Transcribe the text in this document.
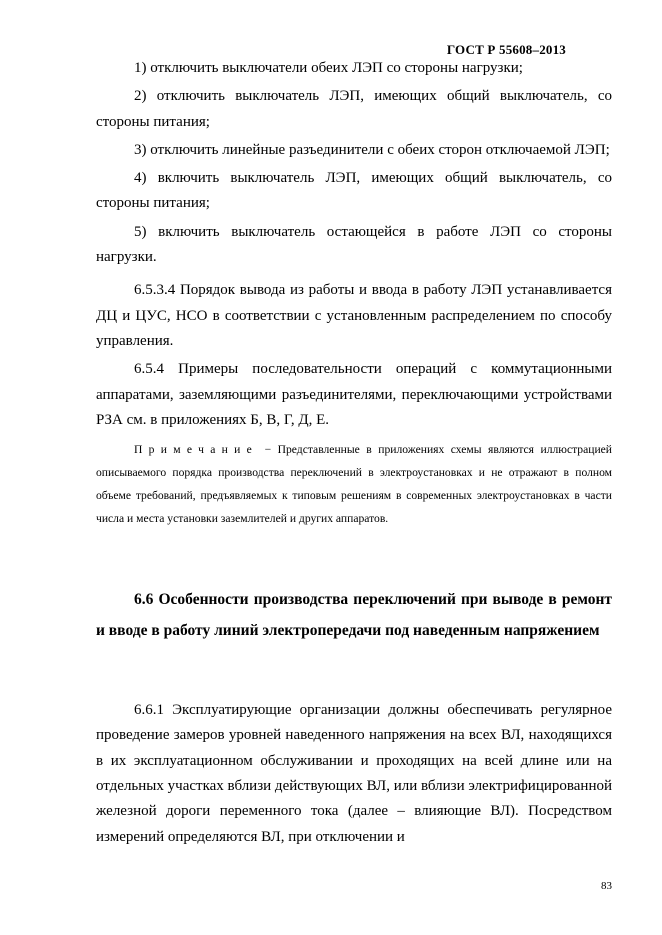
ГОСТ Р 55608–2013

1) отключить выключатели обеих ЛЭП со стороны нагрузки;

2) отключить выключатель ЛЭП, имеющих общий выключатель, со стороны питания;

3) отключить линейные разъединители с обеих сторон отключаемой ЛЭП;

4) включить выключатель ЛЭП, имеющих общий выключатель, со стороны питания;

5) включить выключатель остающейся в работе ЛЭП со стороны нагрузки.

6.5.3.4 Порядок вывода из работы и ввода в работу ЛЭП устанавливается ДЦ и ЦУС, НСО в соответствии с установленным распределением по способу управления.

6.5.4 Примеры последовательности операций с коммутационными аппаратами, заземляющими разъединителями, переключающими устройствами РЗА см. в приложениях Б, В, Г, Д, Е.

Примечание − Представленные в приложениях схемы являются иллюстрацией описываемого порядка производства переключений в электроустановках и не отражают в полном объеме требований, предъявляемых к типовым решениям в современных электроустановках в части числа и места установки заземлителей и других аппаратов.

6.6 Особенности производства переключений при выводе в ремонт и вводе в работу линий электропередачи под наведенным напряжением

6.6.1 Эксплуатирующие организации должны обеспечивать регулярное проведение замеров уровней наведенного напряжения на всех ВЛ, находящихся в их эксплуатационном обслуживании и проходящих на всей длине или на отдельных участках вблизи действующих ВЛ, или вблизи электрифицированной железной дороги переменного тока (далее – влияющие ВЛ). Посредством измерений определяются ВЛ, при отключении и

83
